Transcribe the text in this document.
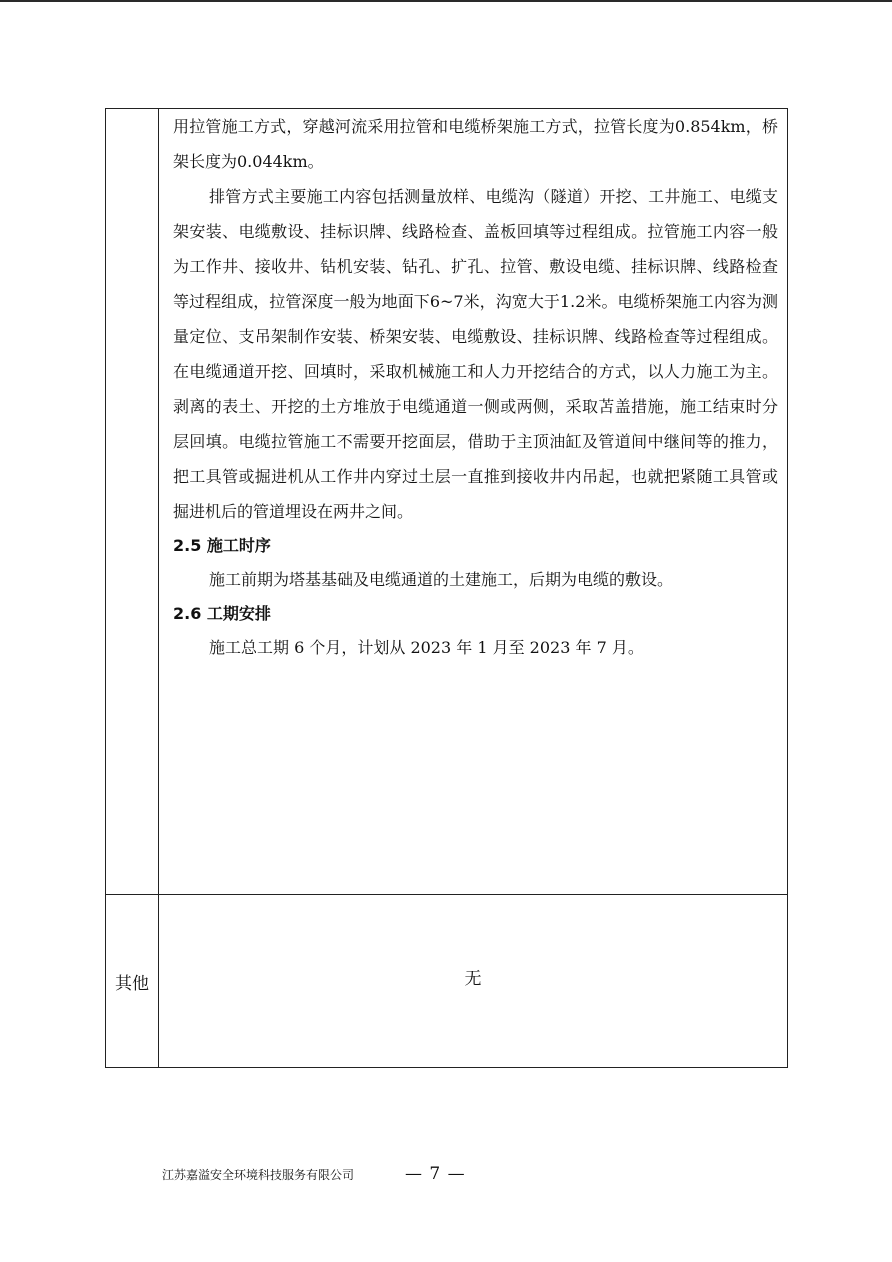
用拉管施工方式，穿越河流采用拉管和电缆桥架施工方式，拉管长度为0.854km，桥架长度为0.044km。

排管方式主要施工内容包括测量放样、电缆沟（隧道）开挖、工井施工、电缆支架安装、电缆敷设、挂标识牌、线路检查、盖板回填等过程组成。拉管施工内容一般为工作井、接收井、钻机安装、钻孔、扩孔、拉管、敷设电缆、挂标识牌、线路检查等过程组成，拉管深度一般为地面下6~7米，沟宽大于1.2米。电缆桥架施工内容为测量定位、支吊架制作安装、桥架安装、电缆敷设、挂标识牌、线路检查等过程组成。在电缆通道开挖、回填时，采取机械施工和人力开挖结合的方式，以人力施工为主。剥离的表土、开挖的土方堆放于电缆通道一侧或两侧，采取苫盖措施，施工结束时分层回填。电缆拉管施工不需要开挖面层，借助于主顶油缸及管道间中继间等的推力，把工具管或掘进机从工作井内穿过土层一直推到接收井内吊起，也就把紧随工具管或掘进机后的管道埋设在两井之间。

2.5 施工时序

施工前期为塔基基础及电缆通道的土建施工，后期为电缆的敷设。

2.6 工期安排

施工总工期 6 个月，计划从 2023 年 1 月至 2023 年 7 月。

其他	无
江苏嘉溢安全环境科技服务有限公司	— 7 —
